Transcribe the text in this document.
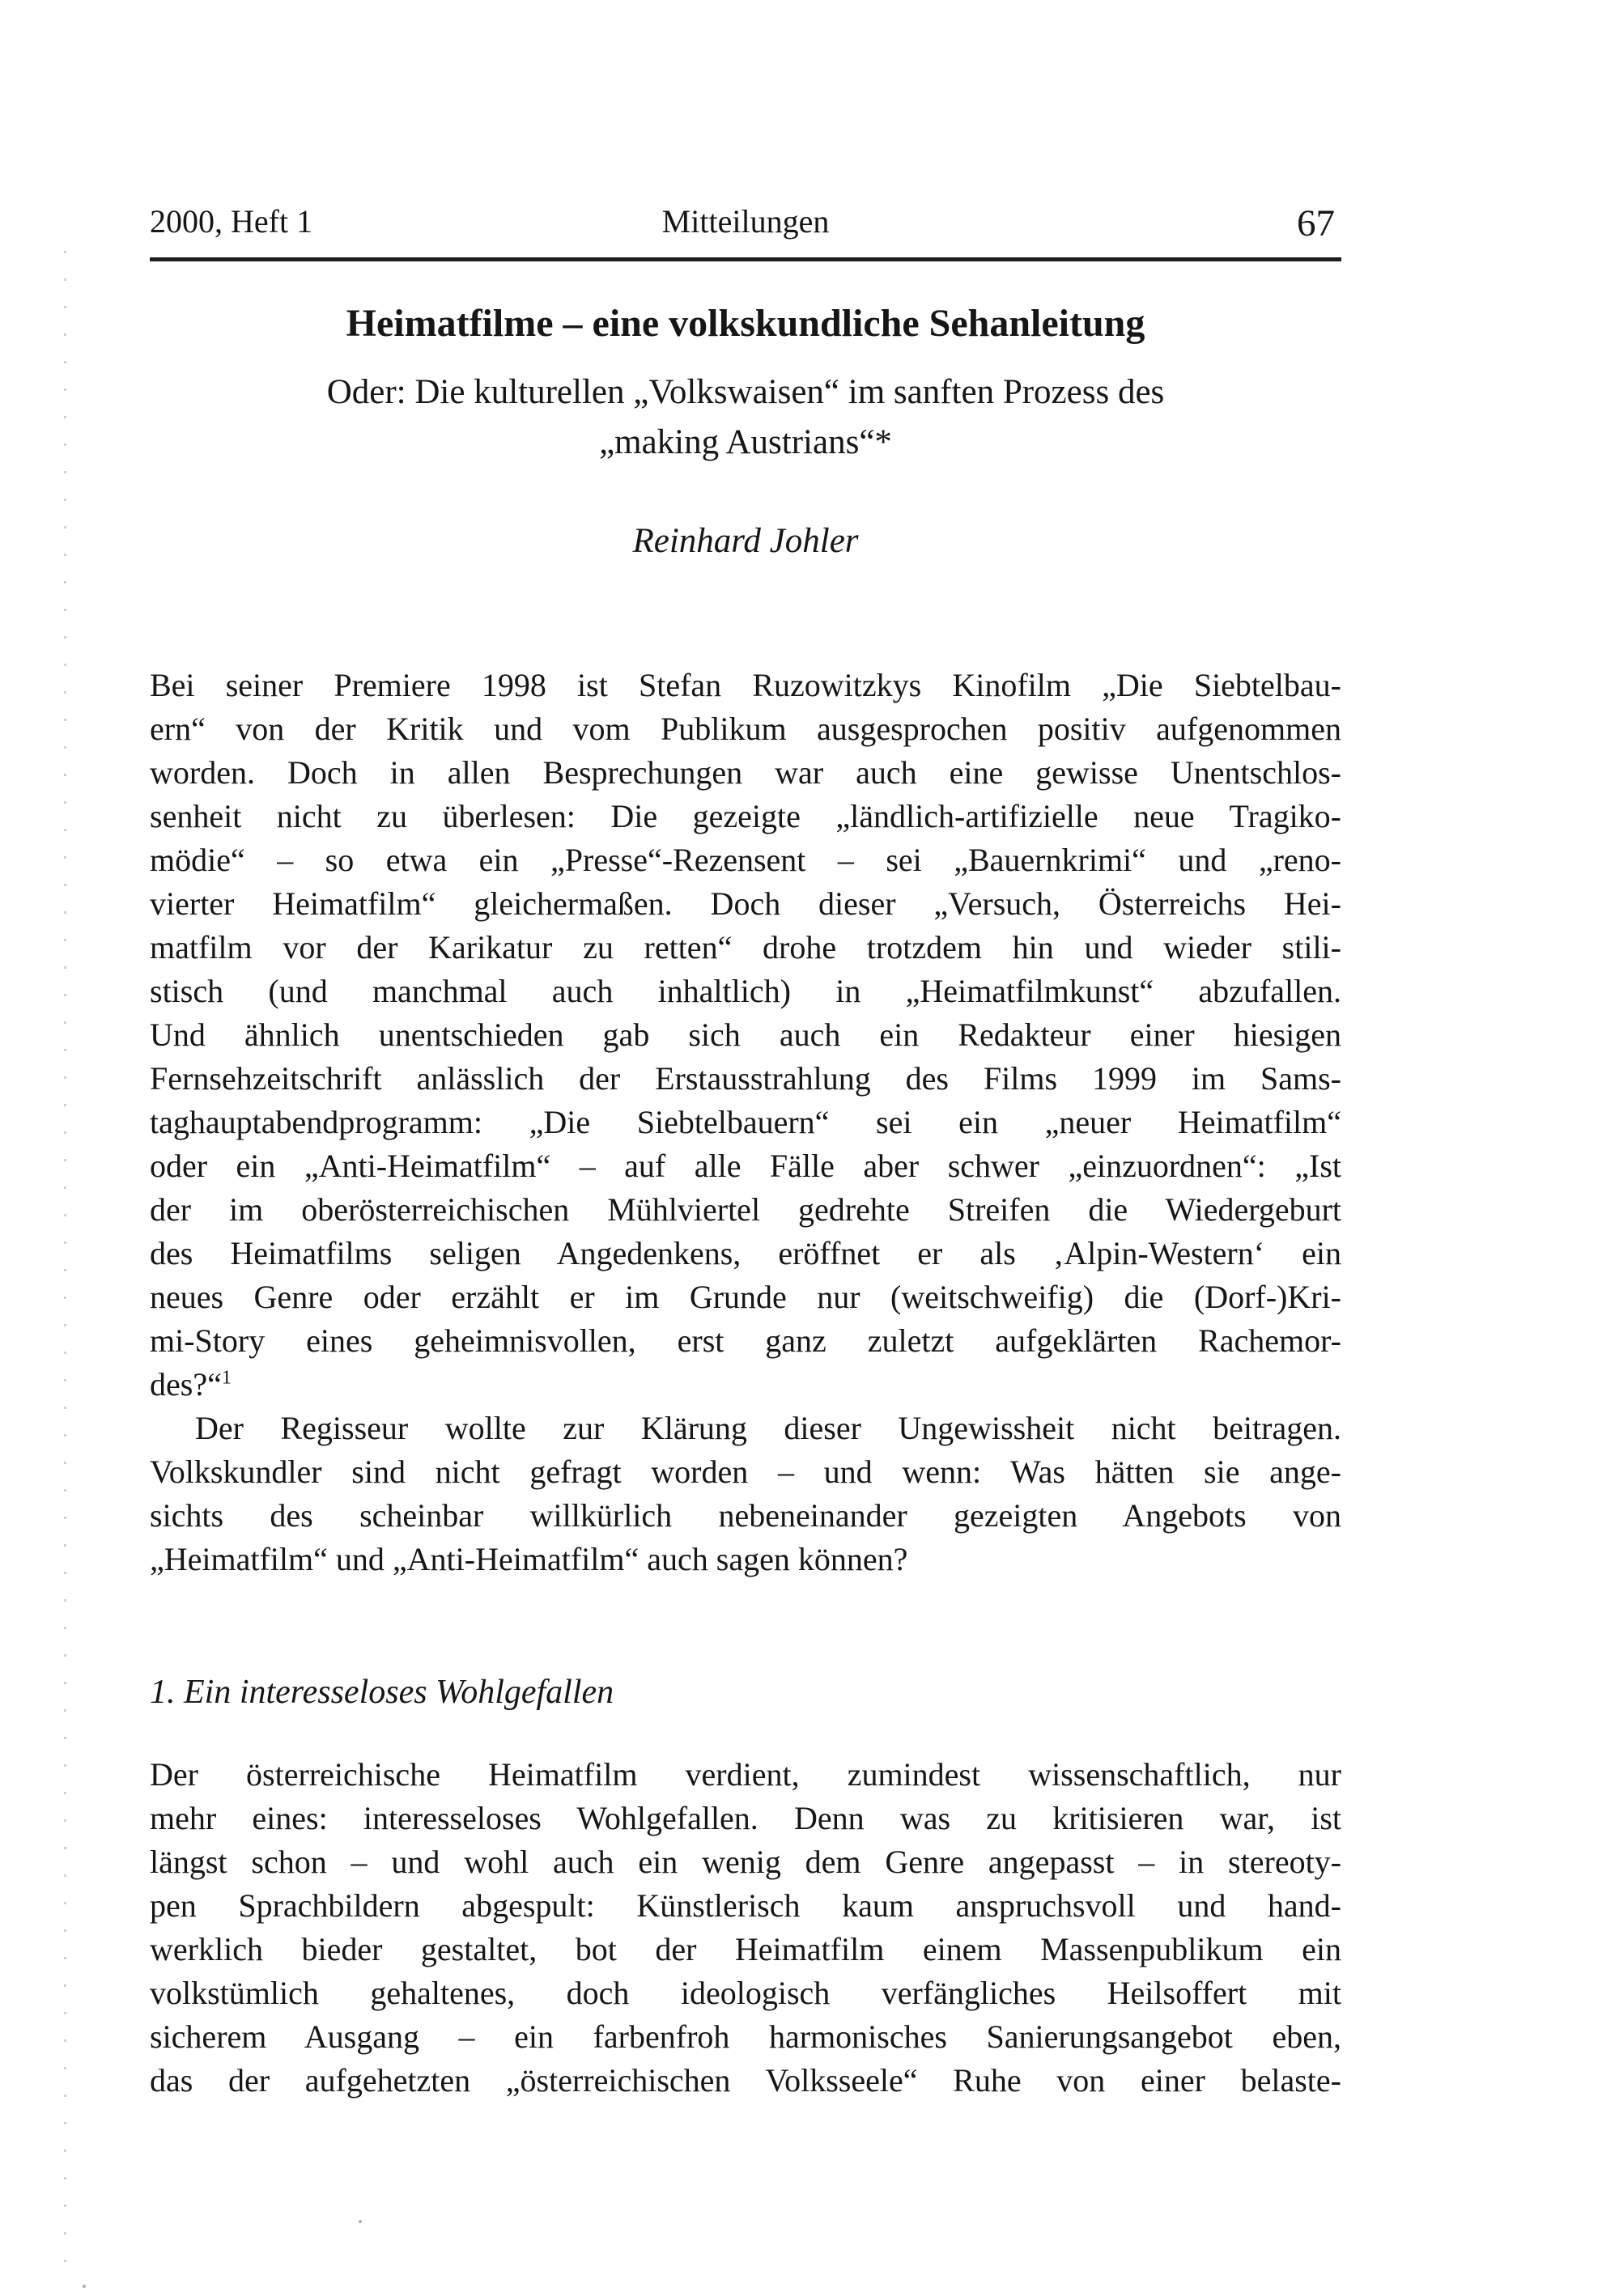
2000, Heft 1	Mitteilungen	67
Heimatfilme – eine volkskundliche Sehanleitung
Oder: Die kulturellen „Volkswaisen“ im sanften Prozess des
„making Austrians“*
Reinhard Johler
Bei seiner Premiere 1998 ist Stefan Ruzowitzkys Kinofilm „Die Siebtelbau-
ern“ von der Kritik und vom Publikum ausgesprochen positiv aufgenommen
worden. Doch in allen Besprechungen war auch eine gewisse Unentschlos-
senheit nicht zu überlesen: Die gezeigte „ländlich-artifizielle neue Tragiko-
mödie“ – so etwa ein „Presse“-Rezensent – sei „Bauernkrimi“ und „reno-
vierter Heimatfilm“ gleichermaßen. Doch dieser „Versuch, Österreichs Hei-
matfilm vor der Karikatur zu retten“ drohe trotzdem hin und wieder stili-
stisch (und manchmal auch inhaltlich) in „Heimatfilmkunst“ abzufallen.
Und ähnlich unentschieden gab sich auch ein Redakteur einer hiesigen
Fernsehzeitschrift anlässlich der Erstausstrahlung des Films 1999 im Sams-
taghauptabendprogramm: „Die Siebtelbauern“ sei ein „neuer Heimatfilm“
oder ein „Anti-Heimatfilm“ – auf alle Fälle aber schwer „einzuordnen“: „Ist
der im oberösterreichischen Mühlviertel gedrehte Streifen die Wiedergeburt
des Heimatfilms seligen Angedenkens, eröffnet er als ‚Alpin-Western‘ ein
neues Genre oder erzählt er im Grunde nur (weitschweifig) die (Dorf-)Kri-
mi-Story eines geheimnisvollen, erst ganz zuletzt aufgeklärten Rachemor-
des?“$^1$
Der Regisseur wollte zur Klärung dieser Ungewissheit nicht beitragen.
Volkskundler sind nicht gefragt worden – und wenn: Was hätten sie ange-
sichts des scheinbar willkürlich nebeneinander gezeigten Angebots von
„Heimatfilm“ und „Anti-Heimatfilm“ auch sagen können?
1. Ein interesseloses Wohlgefallen
Der österreichische Heimatfilm verdient, zumindest wissenschaftlich, nur
mehr eines: interesseloses Wohlgefallen. Denn was zu kritisieren war, ist
längst schon – und wohl auch ein wenig dem Genre angepasst – in stereoty-
pen Sprachbildern abgespult: Künstlerisch kaum anspruchsvoll und hand-
werklich bieder gestaltet, bot der Heimatfilm einem Massenpublikum ein
volkstümlich gehaltenes, doch ideologisch verfängliches Heilsoffert mit
sicherem Ausgang – ein farbenfroh harmonisches Sanierungsangebot eben,
das der aufgehetzten „österreichischen Volksseele“ Ruhe von einer belaste-
